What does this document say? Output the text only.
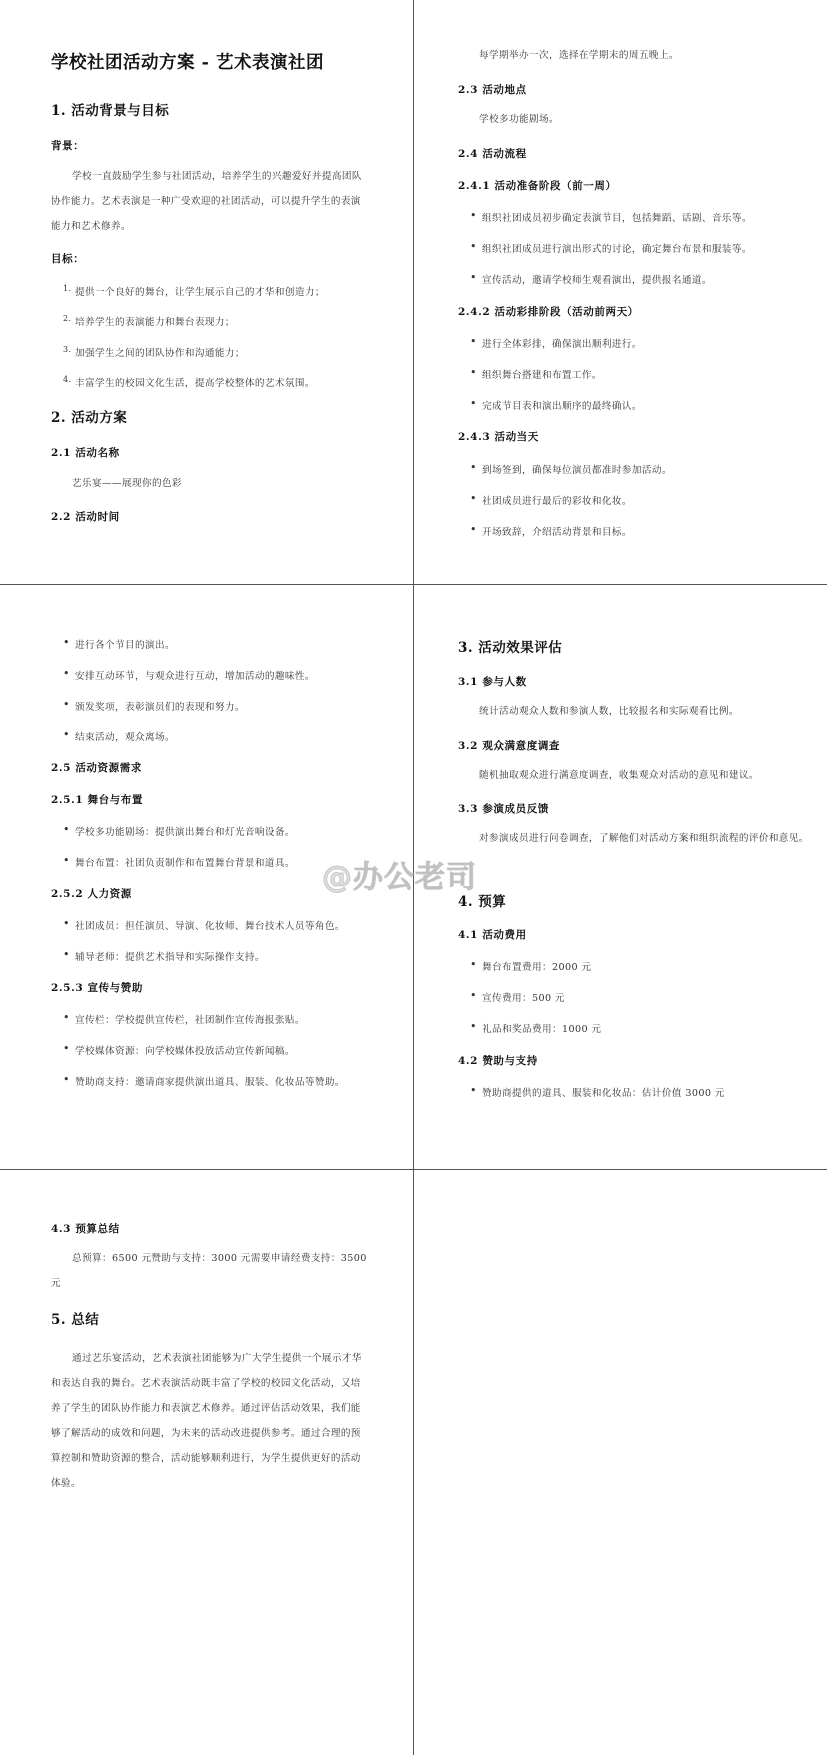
学校社团活动方案 - 艺术表演社团
1. 活动背景与目标
背景：
学校一直鼓励学生参与社团活动，培养学生的兴趣爱好并提高团队协作能力。艺术表演是一种广受欢迎的社团活动，可以提升学生的表演能力和艺术修养。
目标：
1. 提供一个良好的舞台，让学生展示自己的才华和创造力；
2. 培养学生的表演能力和舞台表现力；
3. 加强学生之间的团队协作和沟通能力；
4. 丰富学生的校园文化生活，提高学校整体的艺术氛围。
2. 活动方案
2.1 活动名称
艺乐宴——展现你的色彩
2.2 活动时间
每学期举办一次，选择在学期末的周五晚上。
2.3 活动地点
学校多功能剧场。
2.4 活动流程
2.4.1 活动准备阶段（前一周）
• 组织社团成员初步确定表演节目，包括舞蹈、话剧、音乐等。
• 组织社团成员进行演出形式的讨论，确定舞台布景和服装等。
• 宣传活动，邀请学校师生观看演出，提供报名通道。
2.4.2 活动彩排阶段（活动前两天）
• 进行全体彩排，确保演出顺利进行。
• 组织舞台搭建和布置工作。
• 完成节目表和演出顺序的最终确认。
2.4.3 活动当天
• 到场签到，确保每位演员都准时参加活动。
• 社团成员进行最后的彩妆和化妆。
• 开场致辞，介绍活动背景和目标。
• 进行各个节目的演出。
• 安排互动环节，与观众进行互动，增加活动的趣味性。
• 颁发奖项，表彰演员们的表现和努力。
• 结束活动，观众离场。
2.5 活动资源需求
2.5.1 舞台与布置
• 学校多功能剧场：提供演出舞台和灯光音响设备。
• 舞台布置：社团负责制作和布置舞台背景和道具。
2.5.2 人力资源
• 社团成员：担任演员、导演、化妆师、舞台技术人员等角色。
• 辅导老师：提供艺术指导和实际操作支持。
2.5.3 宣传与赞助
• 宣传栏：学校提供宣传栏，社团制作宣传海报张贴。
• 学校媒体资源：向学校媒体投放活动宣传新闻稿。
• 赞助商支持：邀请商家提供演出道具、服装、化妆品等赞助。
3. 活动效果评估
3.1 参与人数
统计活动观众人数和参演人数，比较报名和实际观看比例。
3.2 观众满意度调查
随机抽取观众进行满意度调查，收集观众对活动的意见和建议。
3.3 参演成员反馈
对参演成员进行问卷调查，了解他们对活动方案和组织流程的评价和意见。
4. 预算
4.1 活动费用
• 舞台布置费用：2000 元
• 宣传费用：500 元
• 礼品和奖品费用：1000 元
4.2 赞助与支持
• 赞助商提供的道具、服装和化妆品：估计价值 3000 元
4.3 预算总结
总预算：6500 元赞助与支持：3000 元需要申请经费支持：3500 元
5. 总结
通过艺乐宴活动，艺术表演社团能够为广大学生提供一个展示才华和表达自我的舞台。艺术表演活动既丰富了学校的校园文化活动，又培养了学生的团队协作能力和表演艺术修养。通过评估活动效果，我们能够了解活动的成效和问题，为未来的活动改进提供参考。通过合理的预算控制和赞助资源的整合，活动能够顺利进行，为学生提供更好的活动体验。
@办公老司
